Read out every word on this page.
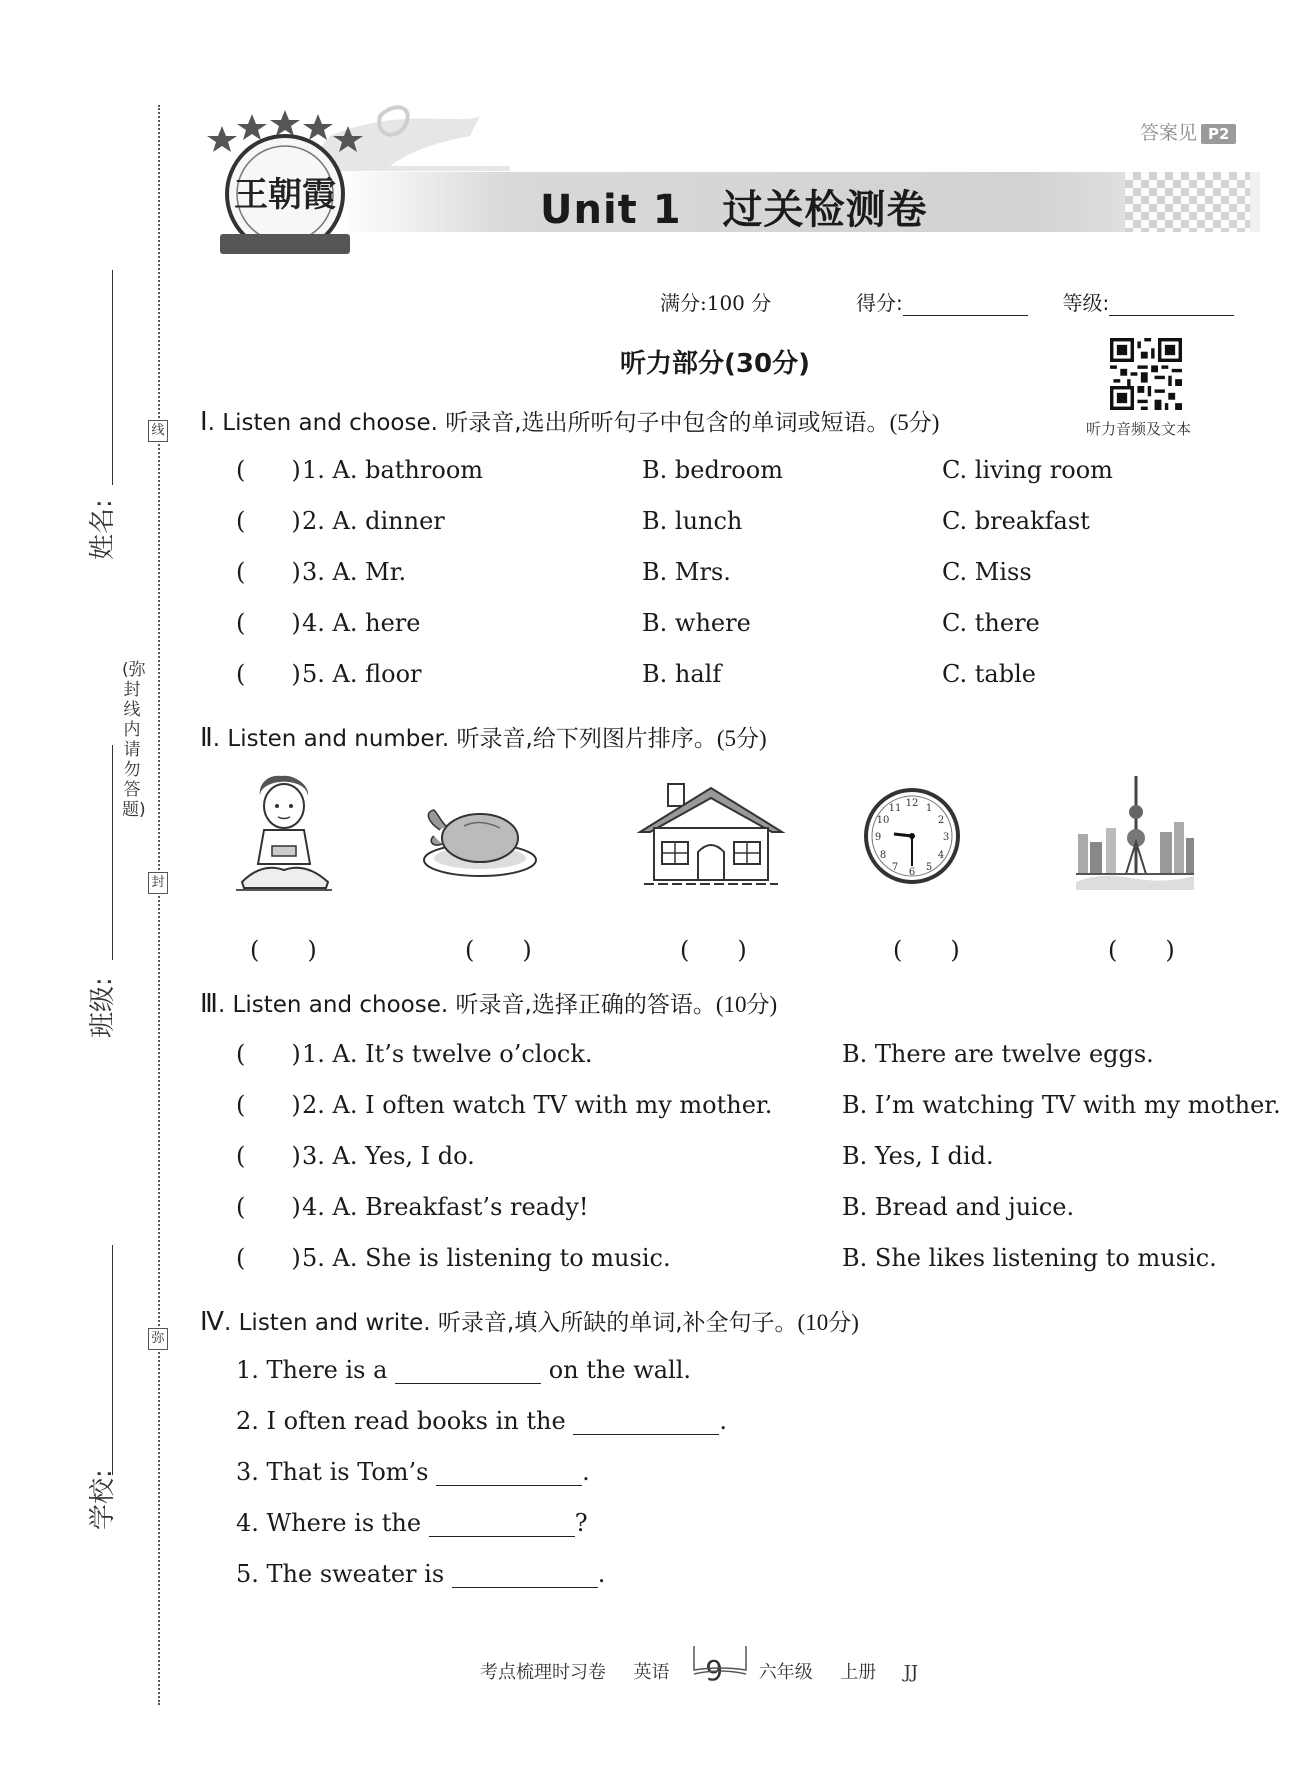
线
封
弥
姓名:
(弥封线内请勿答题)
班级:
学校:
王朝霞
答案见 P2
Unit 1　过关检测卷
满分:100 分	得分:	等级:
听力部分(30分)
听力音频及文本
Ⅰ. Listen and choose. 听录音,选出所听句子中包含的单词或短语。(5分)
( ) 1. A. bathroom	B. bedroom	C. living room
( ) 2. A. dinner	B. lunch	C. breakfast
( ) 3. A. Mr.	B. Mrs.	C. Miss
( ) 4. A. here	B. where	C. there
( ) 5. A. floor	B. half	C. table
Ⅱ. Listen and number. 听录音,给下列图片排序。(5分)
12
3
6
9
1
2
4
5
7
8
10
11
(　　)	(　　)	(　　)	(　　)	(　　)
Ⅲ. Listen and choose. 听录音,选择正确的答语。(10分)
( ) 1. A. It’s twelve o’clock.	B. There are twelve eggs.
( ) 2. A. I often watch TV with my mother.	B. I’m watching TV with my mother.
( ) 3. A. Yes, I do.	B. Yes, I did.
( ) 4. A. Breakfast’s ready!	B. Bread and juice.
( ) 5. A. She is listening to music.	B. She likes listening to music.
Ⅳ. Listen and write. 听录音,填入所缺的单词,补全句子。(10分)
1. There is a	on the wall.
2. I often read books in the	.
3. That is Tom’s	.
4. Where is the	?
5. The sweater is	.
考点梳理时习卷 英语 9 六年级 上册 JJ
